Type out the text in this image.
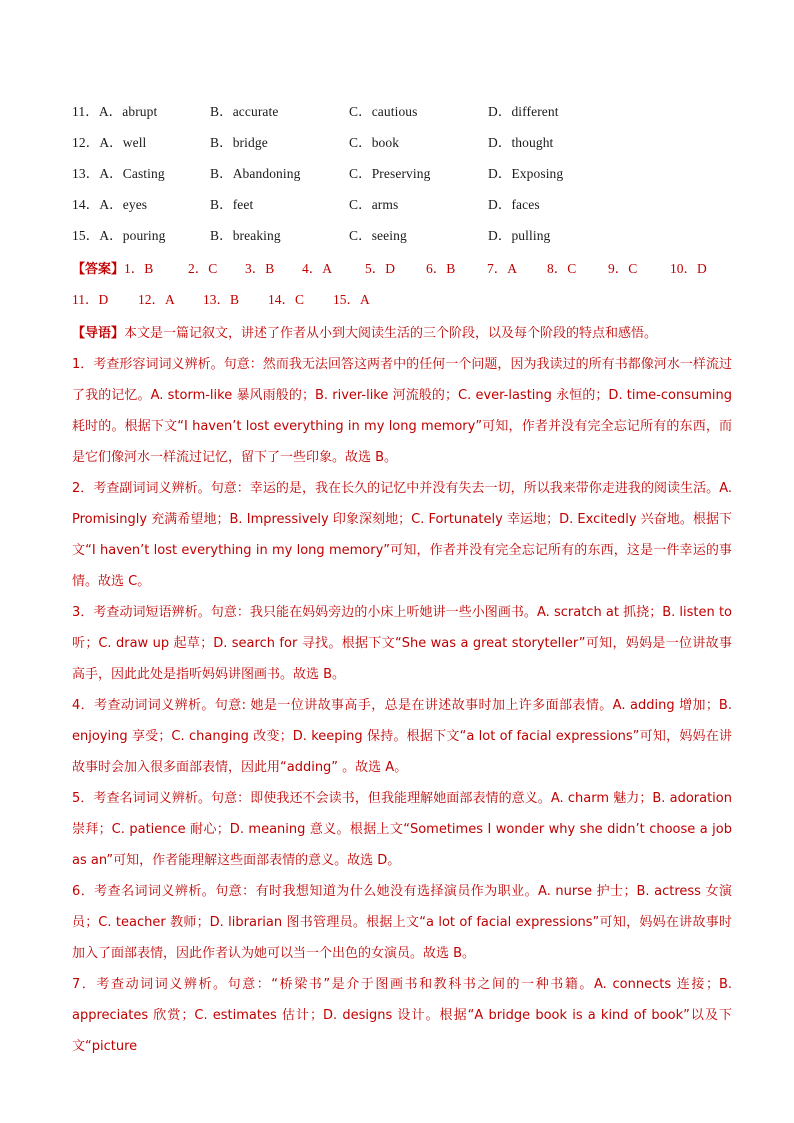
11．A．abrupt	B．accurate	C．cautious	D．different
12．A．well	B．bridge	C．book	D．thought
13．A．Casting	B．Abandoning	C．Preserving	D．Exposing
14．A．eyes	B．feet	C．arms	D．faces
15．A．pouring	B．breaking	C．seeing	D．pulling
【答案】1．B	2．C 3．B 4．A 5．D 6．B 7．A 8．C 9．C 10．D
11．D 12．A 13．B 14．C 15．A

【导语】本文是一篇记叙文，讲述了作者从小到大阅读生活的三个阶段，以及每个阶段的特点和感悟。

1．考查形容词词义辨析。句意：然而我无法回答这两者中的任何一个问题，因为我读过的所有书都像河水一样流过了我的记忆。A. storm-like 暴风雨般的；B. river-like 河流般的；C. ever-lasting 永恒的；D. time-consuming 耗时的。根据下文“I haven’t lost everything in my long memory”可知，作者并没有完全忘记所有的东西，而是它们像河水一样流过记忆，留下了一些印象。故选 B。

2．考查副词词义辨析。句意：幸运的是，我在长久的记忆中并没有失去一切，所以我来带你走进我的阅读生活。A. Promisingly 充满希望地；B. Impressively 印象深刻地；C. Fortunately 幸运地；D. Excitedly 兴奋地。根据下文“I haven’t lost everything in my long memory”可知，作者并没有完全忘记所有的东西，这是一件幸运的事情。故选 C。

3．考查动词短语辨析。句意：我只能在妈妈旁边的小床上听她讲一些小图画书。A. scratch at 抓挠；B. listen to 听；C. draw up 起草；D. search for 寻找。根据下文“She was a great storyteller”可知，妈妈是一位讲故事高手，因此此处是指听妈妈讲图画书。故选 B。

4．考查动词词义辨析。句意: 她是一位讲故事高手，总是在讲述故事时加上许多面部表情。A. adding 增加；B. enjoying 享受；C. changing 改变；D. keeping 保持。根据下文“a lot of facial expressions”可知，妈妈在讲故事时会加入很多面部表情，因此用“adding” 。故选 A。

5．考查名词词义辨析。句意：即使我还不会读书，但我能理解她面部表情的意义。A. charm 魅力；B. adoration 崇拜；C. patience 耐心；D. meaning 意义。根据上文“Sometimes I wonder why she didn’t choose a job as an”可知，作者能理解这些面部表情的意义。故选 D。

6．考查名词词义辨析。句意：有时我想知道为什么她没有选择演员作为职业。A. nurse 护士；B. actress 女演员；C. teacher 教师；D. librarian 图书管理员。根据上文“a lot of facial expressions”可知，妈妈在讲故事时加入了面部表情，因此作者认为她可以当一个出色的女演员。故选 B。

7．考查动词词义辨析。句意：“桥梁书”是介于图画书和教科书之间的一种书籍。A. connects 连接；B. appreciates 欣赏；C. estimates 估计；D. designs 设计。根据“A bridge book is a kind of book”以及下文“picture
